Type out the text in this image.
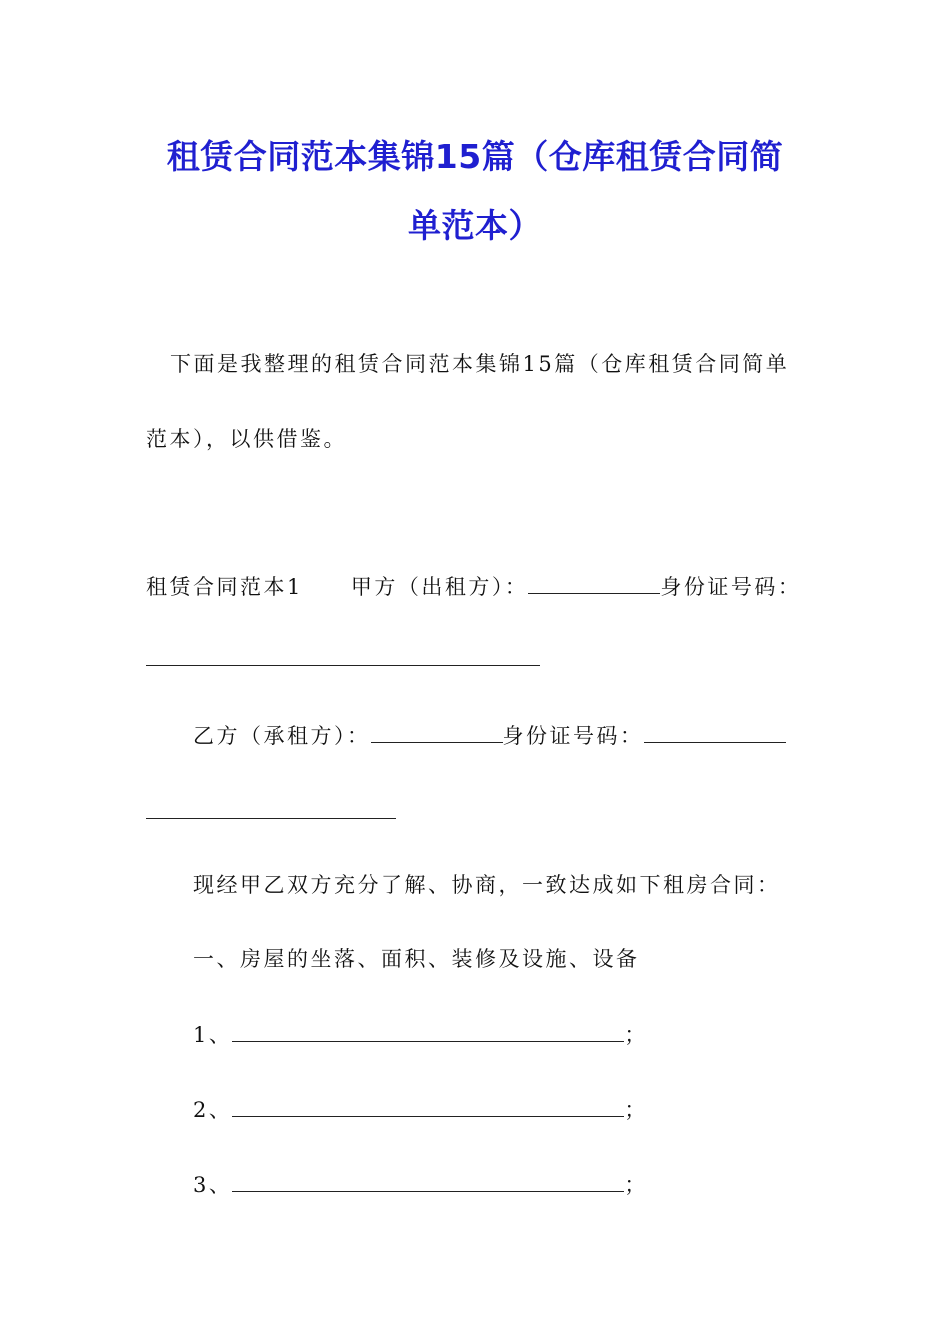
租赁合同范本集锦15篇（仓库租赁合同简
单范本）
下面是我整理的租赁合同范本集锦15篇（仓库租赁合同简单
范本），以供借鉴。
租赁合同范本1 甲方（出租方）：	身份证号码：
乙方（承租方）：	身份证号码：
现经甲乙双方充分了解、协商，一致达成如下租房合同：
一、房屋的坐落、面积、装修及设施、设备
1、	；
2、	；
3、	；
